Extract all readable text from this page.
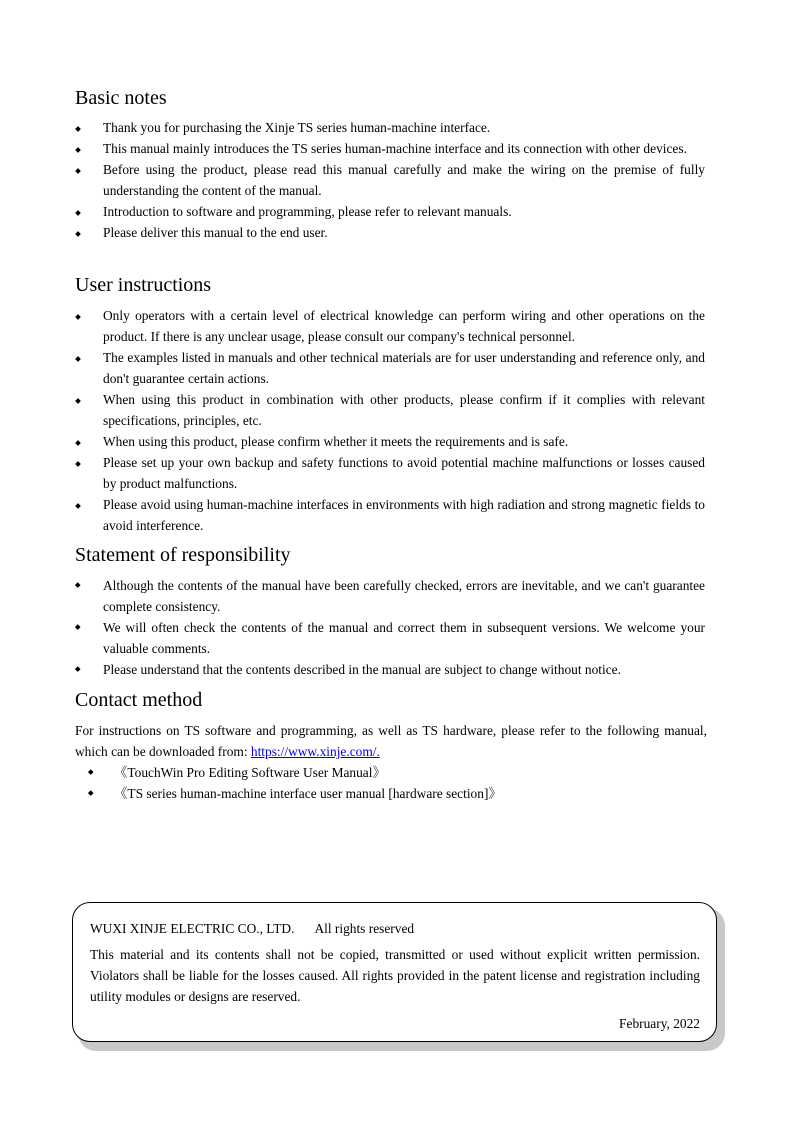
Basic notes
Thank you for purchasing the Xinje TS series human-machine interface.
This manual mainly introduces the TS series human-machine interface and its connection with other devices.
Before using the product, please read this manual carefully and make the wiring on the premise of fully understanding the content of the manual.
Introduction to software and programming, please refer to relevant manuals.
Please deliver this manual to the end user.
User instructions
Only operators with a certain level of electrical knowledge can perform wiring and other operations on the product. If there is any unclear usage, please consult our company's technical personnel.
The examples listed in manuals and other technical materials are for user understanding and reference only, and don't guarantee certain actions.
When using this product in combination with other products, please confirm if it complies with relevant specifications, principles, etc.
When using this product, please confirm whether it meets the requirements and is safe.
Please set up your own backup and safety functions to avoid potential machine malfunctions or losses caused by product malfunctions.
Please avoid using human-machine interfaces in environments with high radiation and strong magnetic fields to avoid interference.
Statement of responsibility
Although the contents of the manual have been carefully checked, errors are inevitable, and we can't guarantee complete consistency.
We will often check the contents of the manual and correct them in subsequent versions. We welcome your valuable comments.
Please understand that the contents described in the manual are subject to change without notice.
Contact method

For instructions on TS software and programming, as well as TS hardware, please refer to the following manual, which can be downloaded from: https://www.xinje.com/.

《TouchWin Pro Editing Software User Manual》
《TS series human-machine interface user manual [hardware section]》
WUXI XINJE ELECTRIC CO., LTD. All rights reserved

This material and its contents shall not be copied, transmitted or used without explicit written permission. Violators shall be liable for the losses caused. All rights provided in the patent license and registration including utility modules or designs are reserved.

February, 2022
